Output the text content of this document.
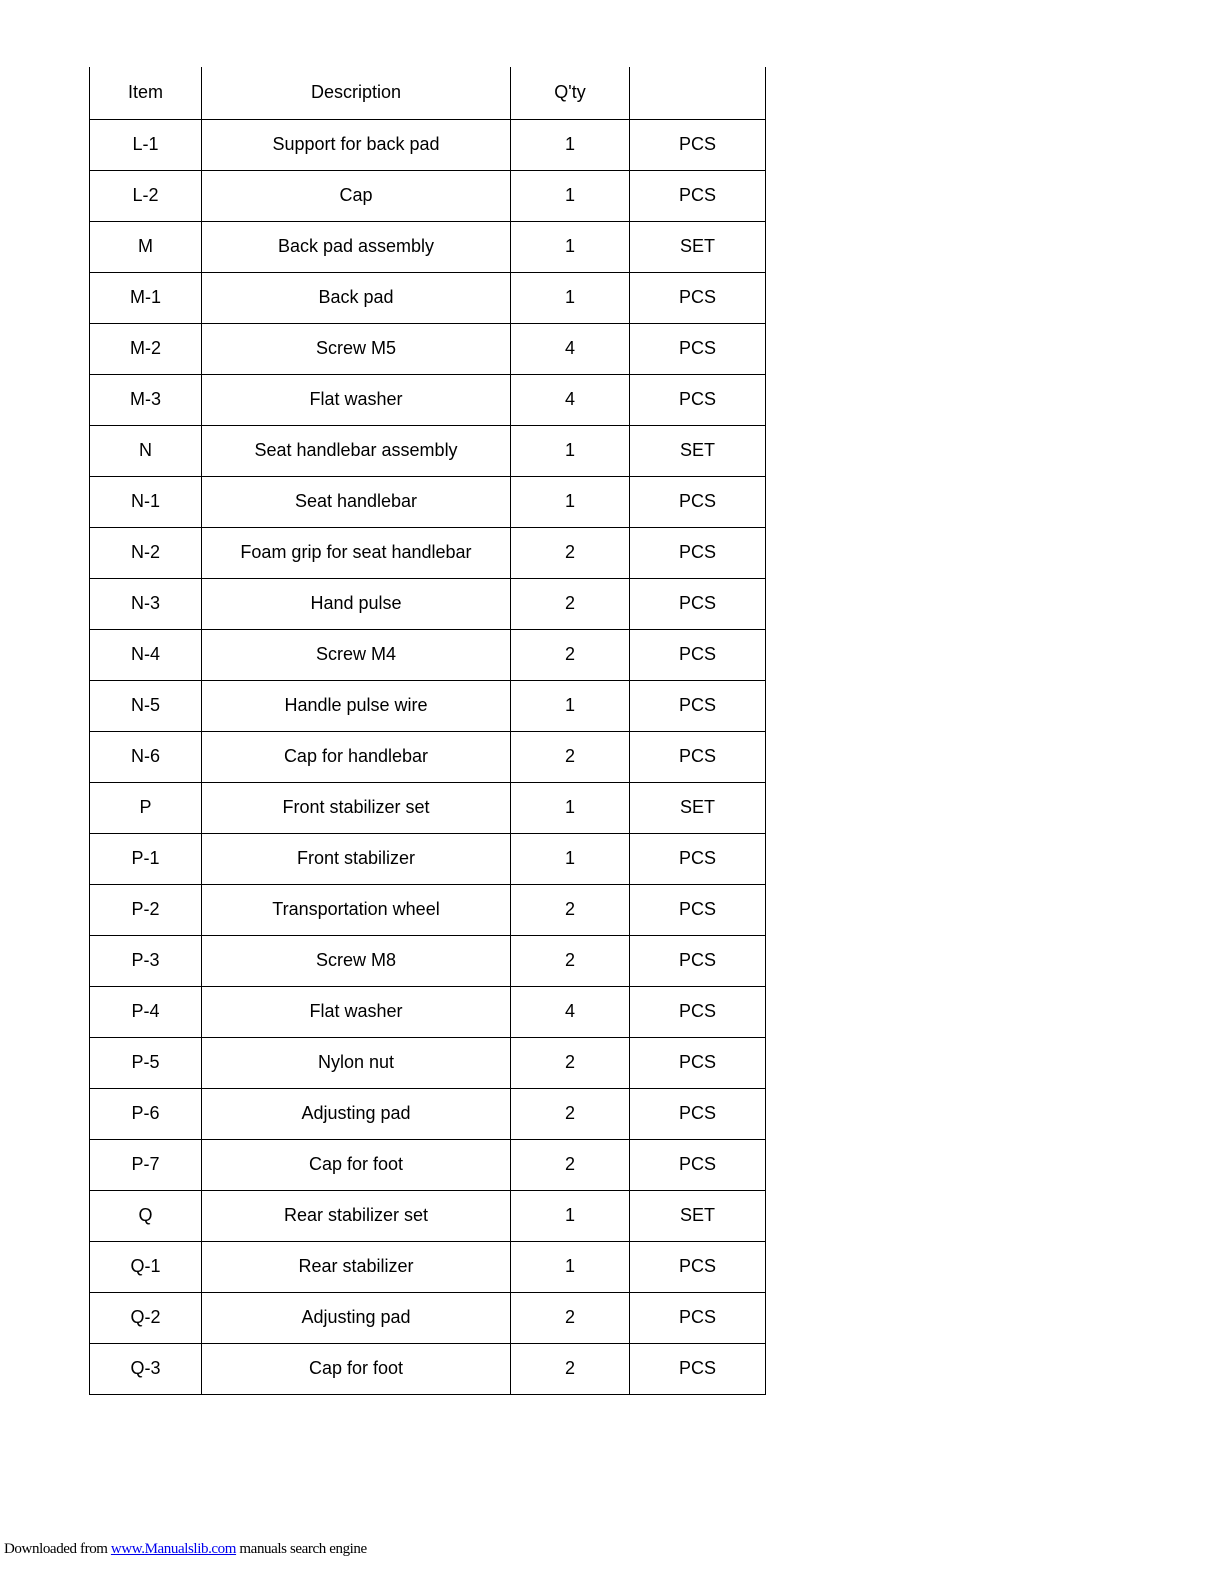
Item	Description	Q'ty	
L-1	Support for back pad	1	PCS
L-2	Cap	1	PCS
M	Back pad assembly	1	SET
M-1	Back pad	1	PCS
M-2	Screw M5	4	PCS
M-3	Flat washer	4	PCS
N	Seat handlebar assembly	1	SET
N-1	Seat handlebar	1	PCS
N-2	Foam grip for seat handlebar	2	PCS
N-3	Hand pulse	2	PCS
N-4	Screw M4	2	PCS
N-5	Handle pulse wire	1	PCS
N-6	Cap for handlebar	2	PCS
P	Front stabilizer set	1	SET
P-1	Front stabilizer	1	PCS
P-2	Transportation wheel	2	PCS
P-3	Screw M8	2	PCS
P-4	Flat washer	4	PCS
P-5	Nylon nut	2	PCS
P-6	Adjusting pad	2	PCS
P-7	Cap for foot	2	PCS
Q	Rear stabilizer set	1	SET
Q-1	Rear stabilizer	1	PCS
Q-2	Adjusting pad	2	PCS
Q-3	Cap for foot	2	PCS
Downloaded from www.Manualslib.com manuals search engine
